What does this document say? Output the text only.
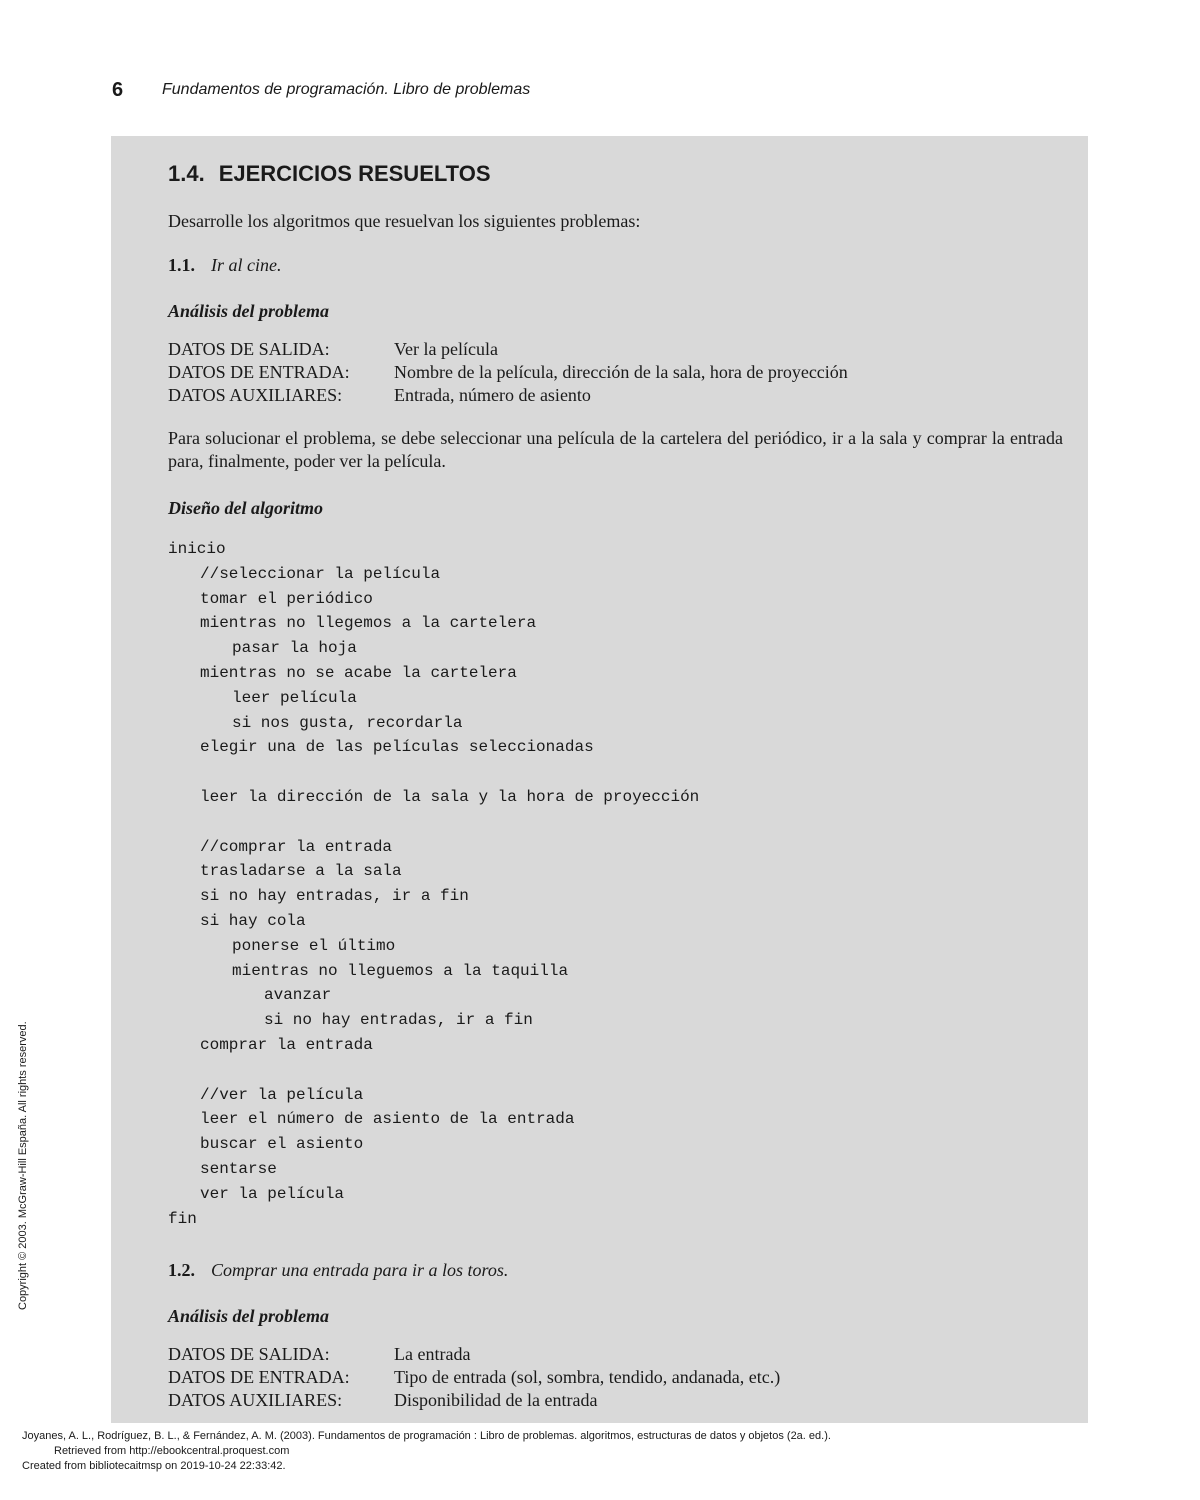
6	Fundamentos de programación. Libro de problemas
1.4. EJERCICIOS RESUELTOS
Desarrolle los algoritmos que resuelvan los siguientes problemas:
1.1. Ir al cine.
Análisis del problema
DATOS DE SALIDA:	Ver la película
DATOS DE ENTRADA:	Nombre de la película, dirección de la sala, hora de proyección
DATOS AUXILIARES:	Entrada, número de asiento
Para solucionar el problema, se debe seleccionar una película de la cartelera del periódico, ir a la sala y comprar la entrada para, finalmente, poder ver la película.
Diseño del algoritmo
inicio
//seleccionar la película
tomar el periódico
mientras no llegemos a la cartelera
pasar la hoja
mientras no se acabe la cartelera
leer película
si nos gusta, recordarla
elegir una de las películas seleccionadas
leer la dirección de la sala y la hora de proyección
//comprar la entrada
trasladarse a la sala
si no hay entradas, ir a fin
si hay cola
ponerse el último
mientras no lleguemos a la taquilla
avanzar
si no hay entradas, ir a fin
comprar la entrada
//ver la película
leer el número de asiento de la entrada
buscar el asiento
sentarse
ver la película
fin
1.2. Comprar una entrada para ir a los toros.
Análisis del problema
DATOS DE SALIDA:	La entrada
DATOS DE ENTRADA:	Tipo de entrada (sol, sombra, tendido, andanada, etc.)
DATOS AUXILIARES:	Disponibilidad de la entrada
Copyright © 2003. McGraw-Hill España. All rights reserved.
Joyanes, A. L., Rodríguez, B. L., & Fernández, A. M. (2003). Fundamentos de programación : Libro de problemas. algoritmos, estructuras de datos y objetos (2a. ed.).
Retrieved from http://ebookcentral.proquest.com
Created from bibliotecaitmsp on 2019-10-24 22:33:42.
